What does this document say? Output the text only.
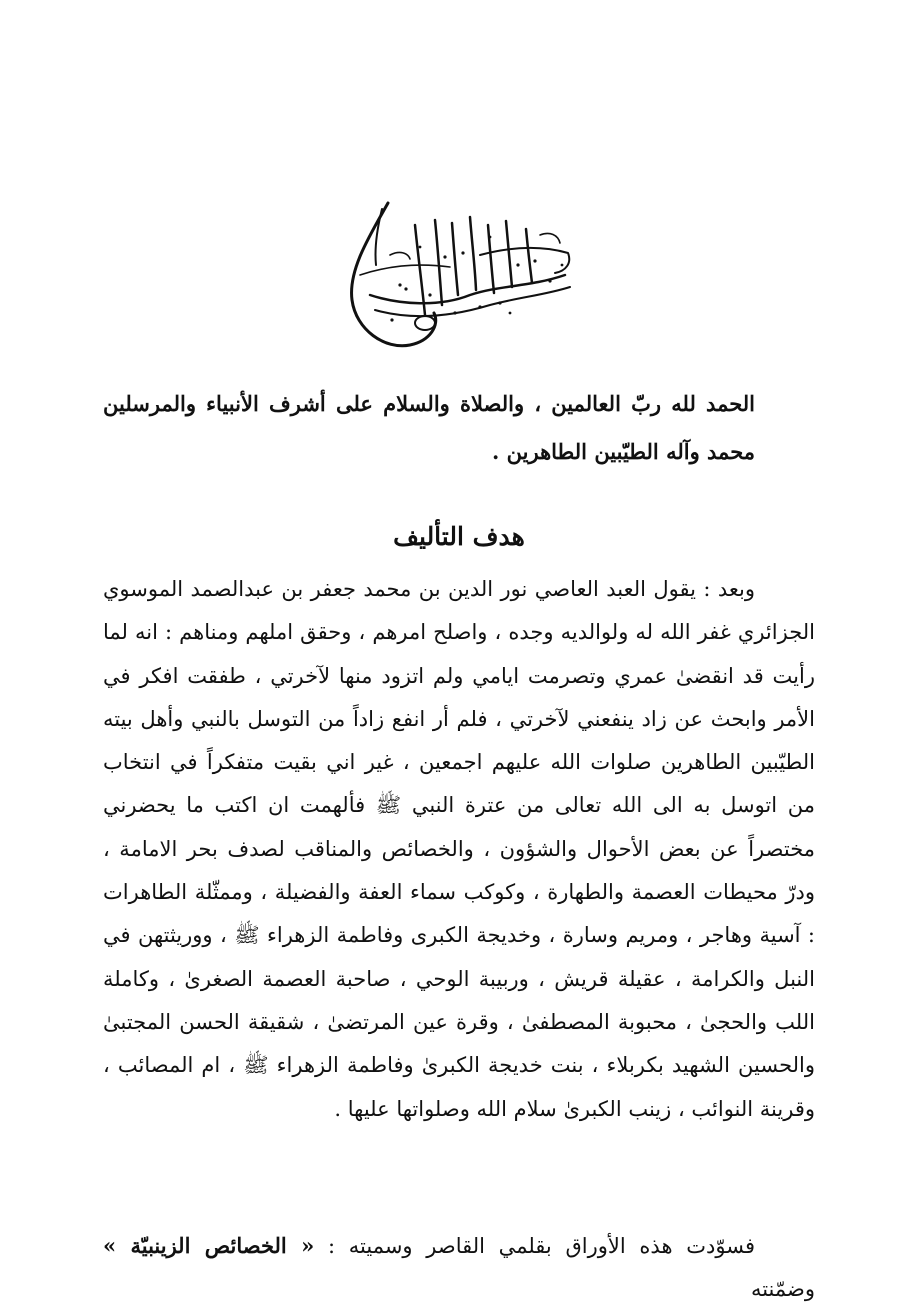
الحمد لله ربّ العالمين ، والصلاة والسلام على أشرف الأنبياء والمرسلين محمد وآله الطيّبين الطاهرين .
هدف التأليف
وبعد : يقول العبد العاصي نور الدين بن محمد جعفر بن عبدالصمد الموسوي الجزائري غفر الله له ولوالديه وجده ، واصلح امرهم ، وحقق املهم ومناهم : انه لما رأيت قد انقضىٰ عمري وتصرمت ايامي ولم اتزود منها لآخرتي ، طفقت افكر في الأمر وابحث عن زاد ينفعني لآخرتي ، فلم أر انفع زاداً من التوسل بالنبي وأهل بيته الطيّبين الطاهرين صلوات الله عليهم اجمعين ، غير اني بقيت متفكراً في انتخاب من اتوسل به الى الله تعالى من عترة النبي ﷺ فألهمت ان اكتب ما يحضرني مختصراً عن بعض الأحوال والشؤون ، والخصائص والمناقب لصدف بحر الامامة ، ودرّ محيطات العصمة والطهارة ، وكوكب سماء العفة والفضيلة ، وممثّلة الطاهرات : آسية وهاجر ، ومريم وسارة ، وخديجة الكبرى وفاطمة الزهراء ﷺ ، ووريثتهن في النبل والكرامة ، عقيلة قريش ، وربيبة الوحي ، صاحبة العصمة الصغرىٰ ، وكاملة اللب والحجىٰ ، محبوبة المصطفىٰ ، وقرة عين المرتضىٰ ، شقيقة الحسن المجتبىٰ والحسين الشهيد بكربلاء ، بنت خديجة الكبرىٰ وفاطمة الزهراء ﷺ ، ام المصائب ، وقرينة النوائب ، زينب الكبرىٰ سلام الله وصلواتها عليها .
فسوّدت هذه الأوراق بقلمي القاصر وسميته : « الخصائص الزينبيّة » وضمّنته
